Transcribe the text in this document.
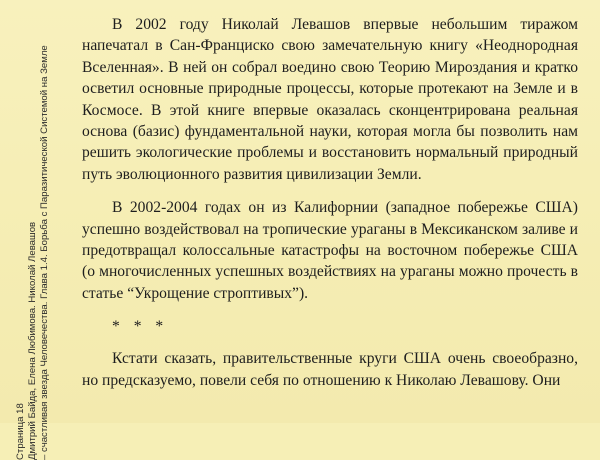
Страница 18 Дмитрий Байда, Елена Любимова. Николай Левашов – счастливая звезда Человечества. Глава 1.4. Борьба с Паразитической Системой на Земле

В 2002 году Николай Левашов впервые небольшим тиражом напечатал в Сан-Франциско свою замечательную книгу «Неоднородная Вселенная». В ней он собрал воедино свою Теорию Мироздания и кратко осветил основные природные процессы, которые протекают на Земле и в Космосе. В этой книге впервые оказалась сконцентрирована реальная основа (базис) фундаментальной науки, которая могла бы позволить нам решить экологические проблемы и восстановить нормальный природный путь эволюционного развития цивилизации Земли.

В 2002-2004 годах он из Калифорнии (западное побережье США) успешно воздействовал на тропические ураганы в Мексиканском заливе и предотвращал колоссальные катастрофы на восточном побережье США (о многочисленных успешных воздействиях на ураганы можно прочесть в статье “Укрощение строптивых”).

* * *

Кстати сказать, правительственные круги США очень своеобразно, но предсказуемо, повели себя по отношению к Николаю Левашову. Они
